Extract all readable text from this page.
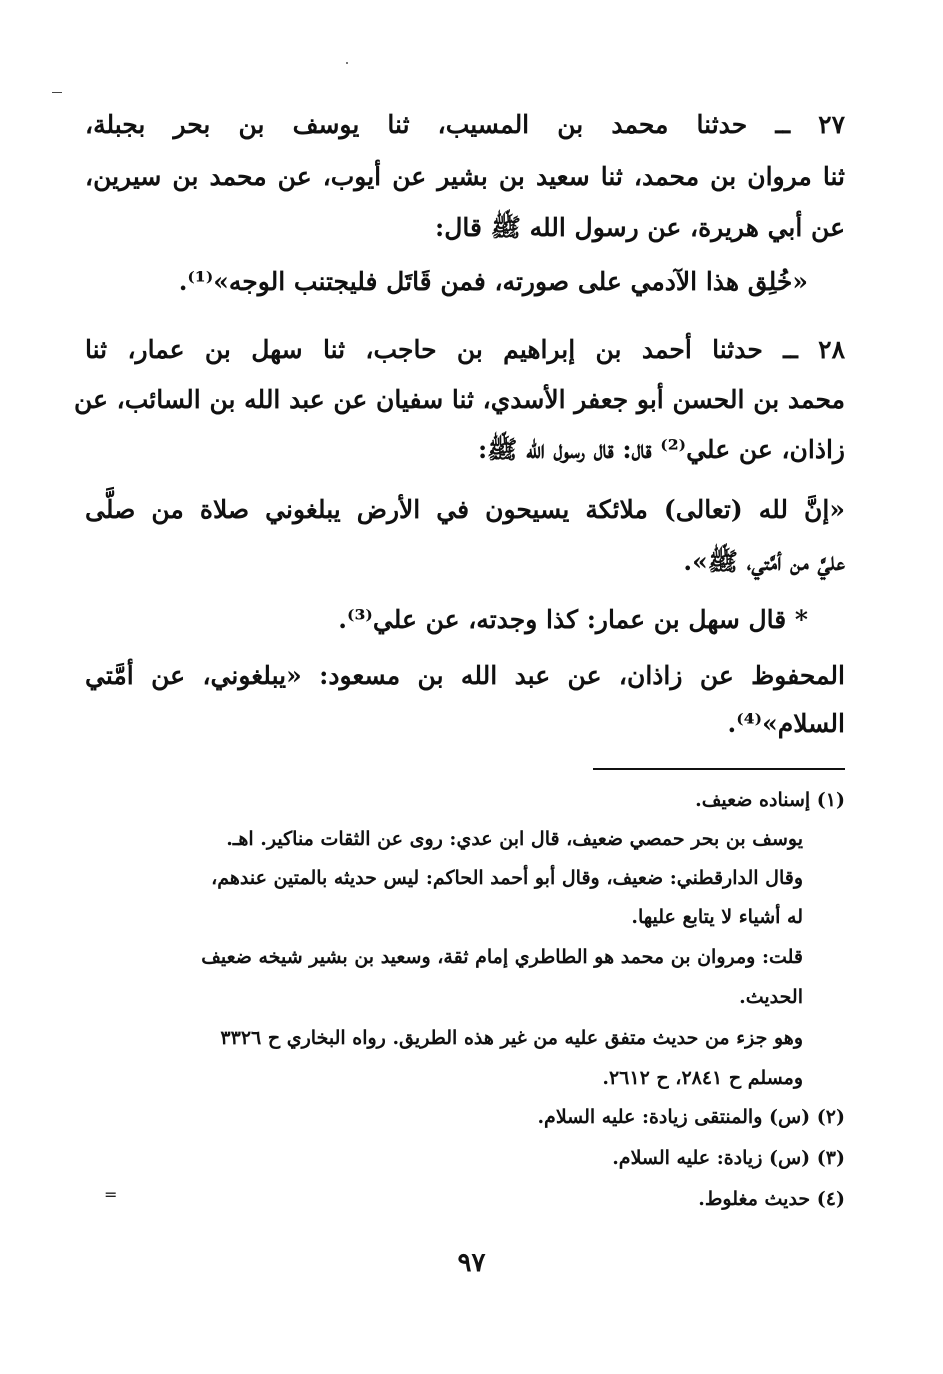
٢٧ ــ حدثنا محمد بن المسيب، ثنا يوسف بن بحر بجبلة،
ثنا مروان بن محمد، ثنا سعيد بن بشير عن أيوب، عن محمد بن سيرين،
عن أبي هريرة، عن رسول الله ﷺ قال:
«خُلِق هذا الآدمي على صورته، فمن قَاتَل فليجتنب الوجه»⁽¹⁾.
٢٨ ــ حدثنا أحمد بن إبراهيم بن حاجب، ثنا سهل بن عمار، ثنا
محمد بن الحسن أبو جعفر الأسدي، ثنا سفيان عن عبد الله بن السائب، عن
زاذان، عن علي⁽²⁾ قال: قال رسول الله ﷺ:
«إنَّ لله (تعالى) ملائكة يسيحون في الأرض يبلغوني صلاة من صلَّى
عليَّ من أمَّتي، ﷺ».
* قال سهل بن عمار: كذا وجدته، عن علي⁽³⁾.
المحفوظ عن زاذان، عن عبد الله بن مسعود: «يبلغوني، عن أمَّتي
السلام»⁽⁴⁾.
(١) إسناده ضعيف.
يوسف بن بحر حمصي ضعيف، قال ابن عدي: روى عن الثقات مناكير. اهـ.
وقال الدارقطني: ضعيف، وقال أبو أحمد الحاكم: ليس حديثه بالمتين عندهم،
له أشياء لا يتابع عليها.
قلت: ومروان بن محمد هو الطاطري إمام ثقة، وسعيد بن بشير شيخه ضعيف
الحديث.
وهو جزء من حديث متفق عليه من غير هذه الطريق. رواه البخاري ح ٣٣٢٦
ومسلم ح ٢٨٤١، ح ٢٦١٢.
(٢) (س) والمنتقى زيادة: عليه السلام.
(٣) (س) زيادة: عليه السلام.
(٤) حديث مغلوط.
=
٩٧
